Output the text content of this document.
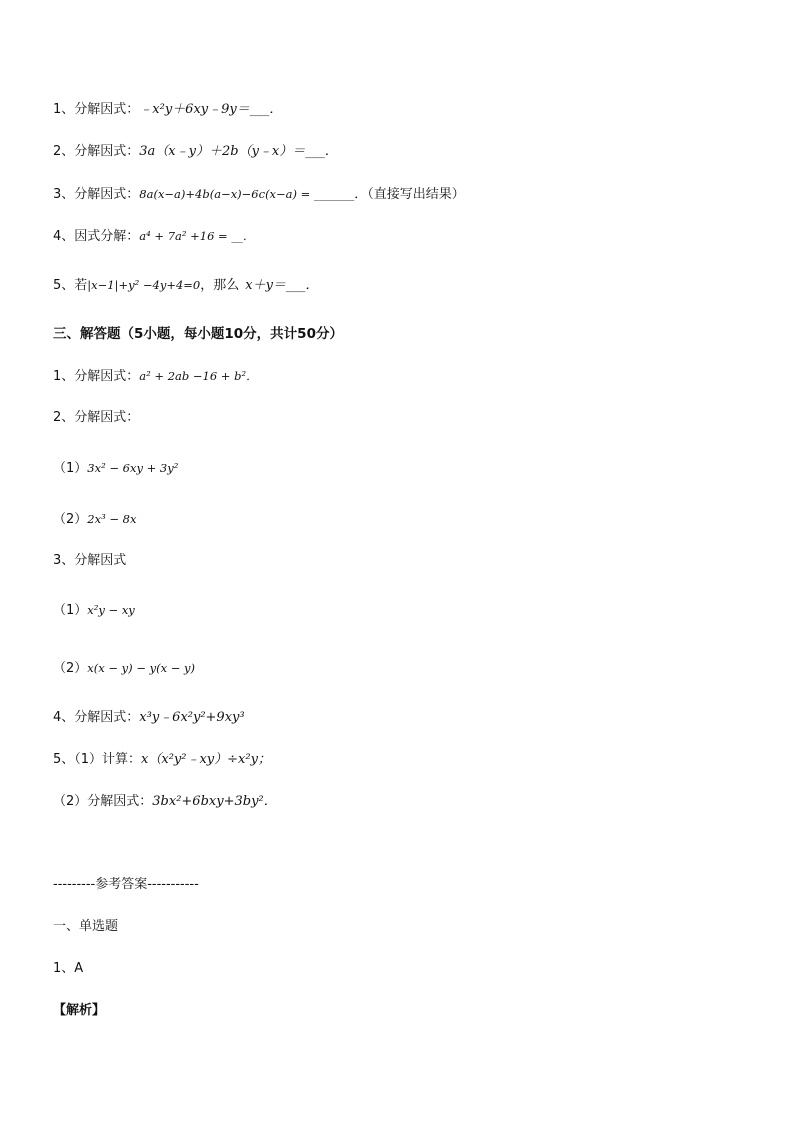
1、分解因式：﹣x²y＋6xy﹣9y＝___．
2、分解因式：3a（x﹣y）＋2b（y﹣x）＝___．
3、分解因式：8a(x−a)+4b(a−x)−6c(x−a) = _______．（直接写出结果）
4、因式分解：a⁴ + 7a² +16 = __．
5、若|x−1|+y² −4y+4=0，那么 x＋y＝___．
三、解答题（5小题，每小题10分，共计50分）
1、分解因式：a² + 2ab −16 + b²．
2、分解因式：
（1）3x² − 6xy + 3y²
（2）2x³ − 8x
3、分解因式
（1）x²y − xy
（2）x(x − y) − y(x − y)
4、分解因式：x³y﹣6x²y²+9xy³
5、（1）计算：x（x²y²﹣xy）÷x²y；
（2）分解因式：3bx²+6bxy+3by²．
---------参考答案-----------
一、单选题
1、A
【解析】
